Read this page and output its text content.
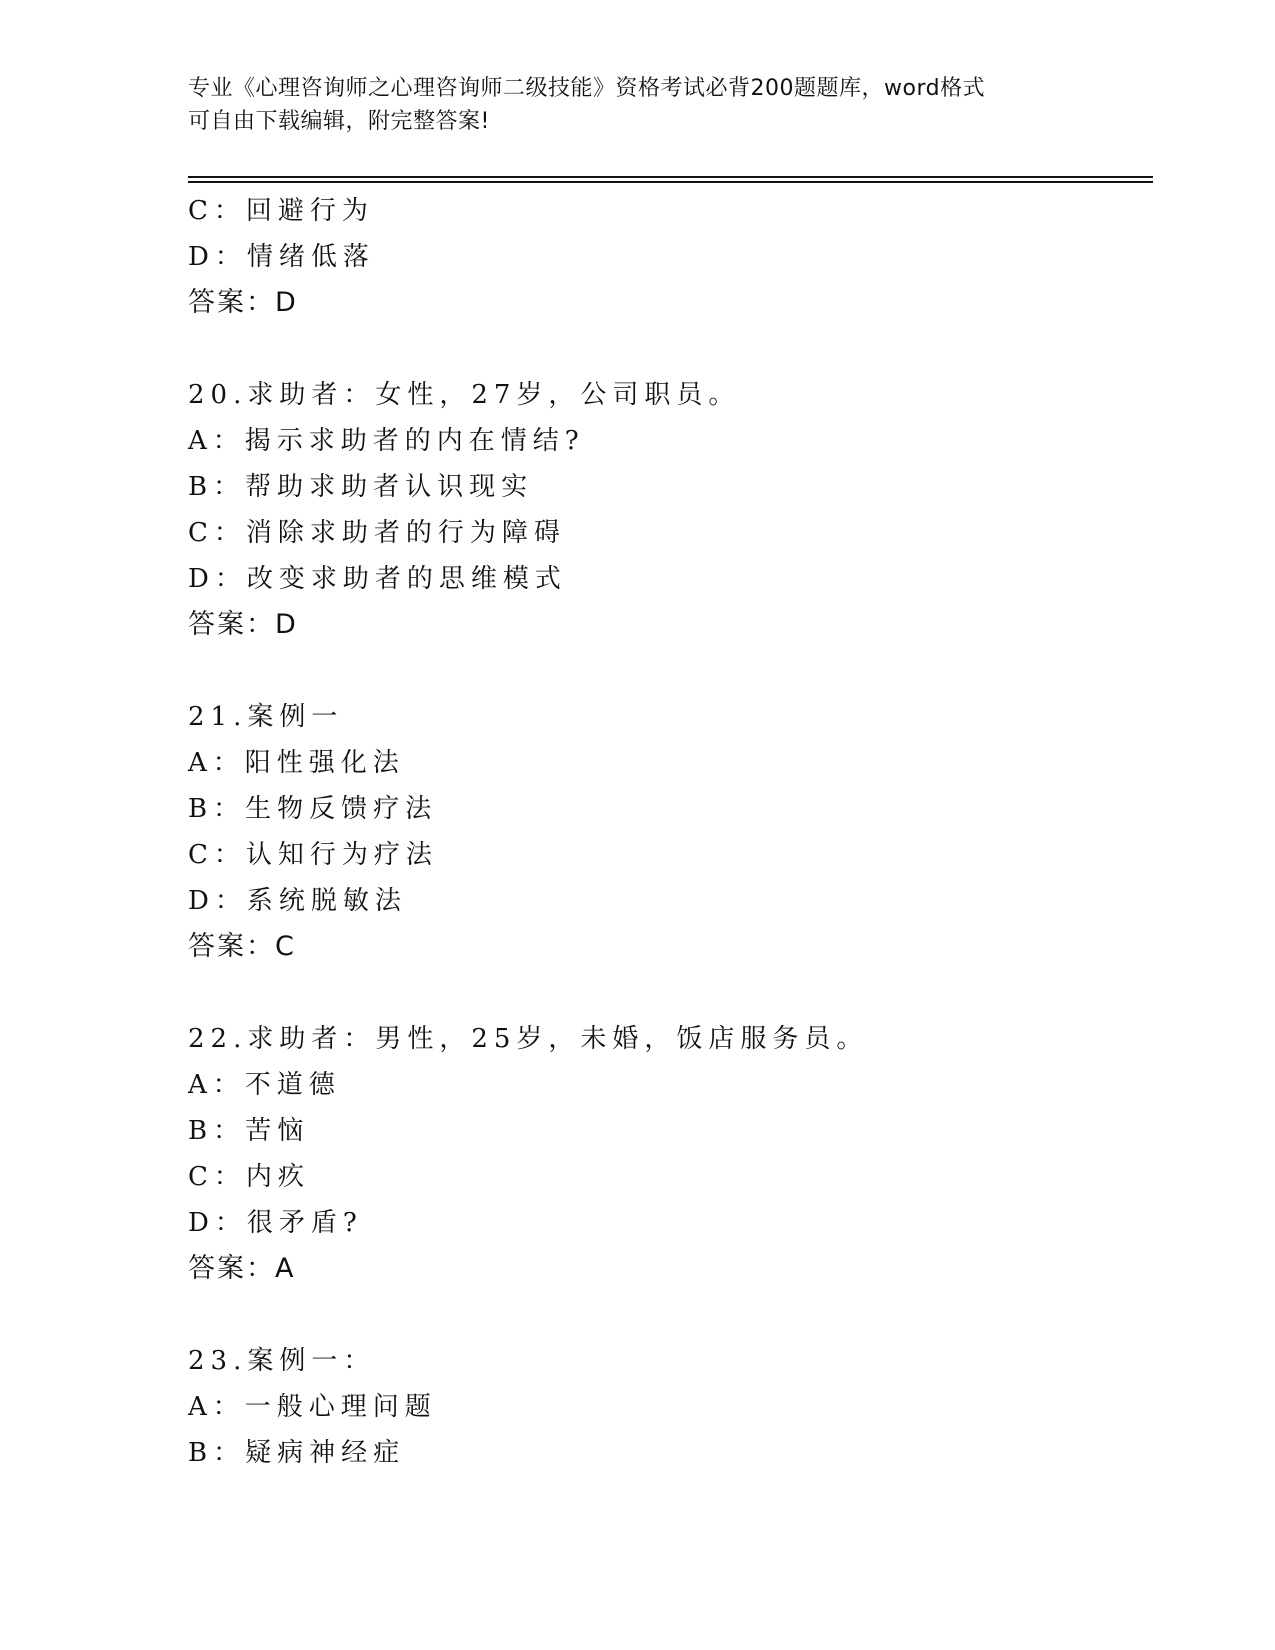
专业《心理咨询师之心理咨询师二级技能》资格考试必背200题题库，word格式
可自由下载编辑，附完整答案!
C：回避行为
D：情绪低落
答案：D
20.求助者：女性，27岁，公司职员。
A：揭示求助者的内在情结?
B：帮助求助者认识现实
C：消除求助者的行为障碍
D：改变求助者的思维模式
答案：D
21.案例一
A：阳性强化法
B：生物反馈疗法
C：认知行为疗法
D：系统脱敏法
答案：C
22.求助者：男性，25岁，未婚，饭店服务员。
A：不道德
B：苦恼
C：内疚
D：很矛盾?
答案：A
23.案例一：
A：一般心理问题
B：疑病神经症
